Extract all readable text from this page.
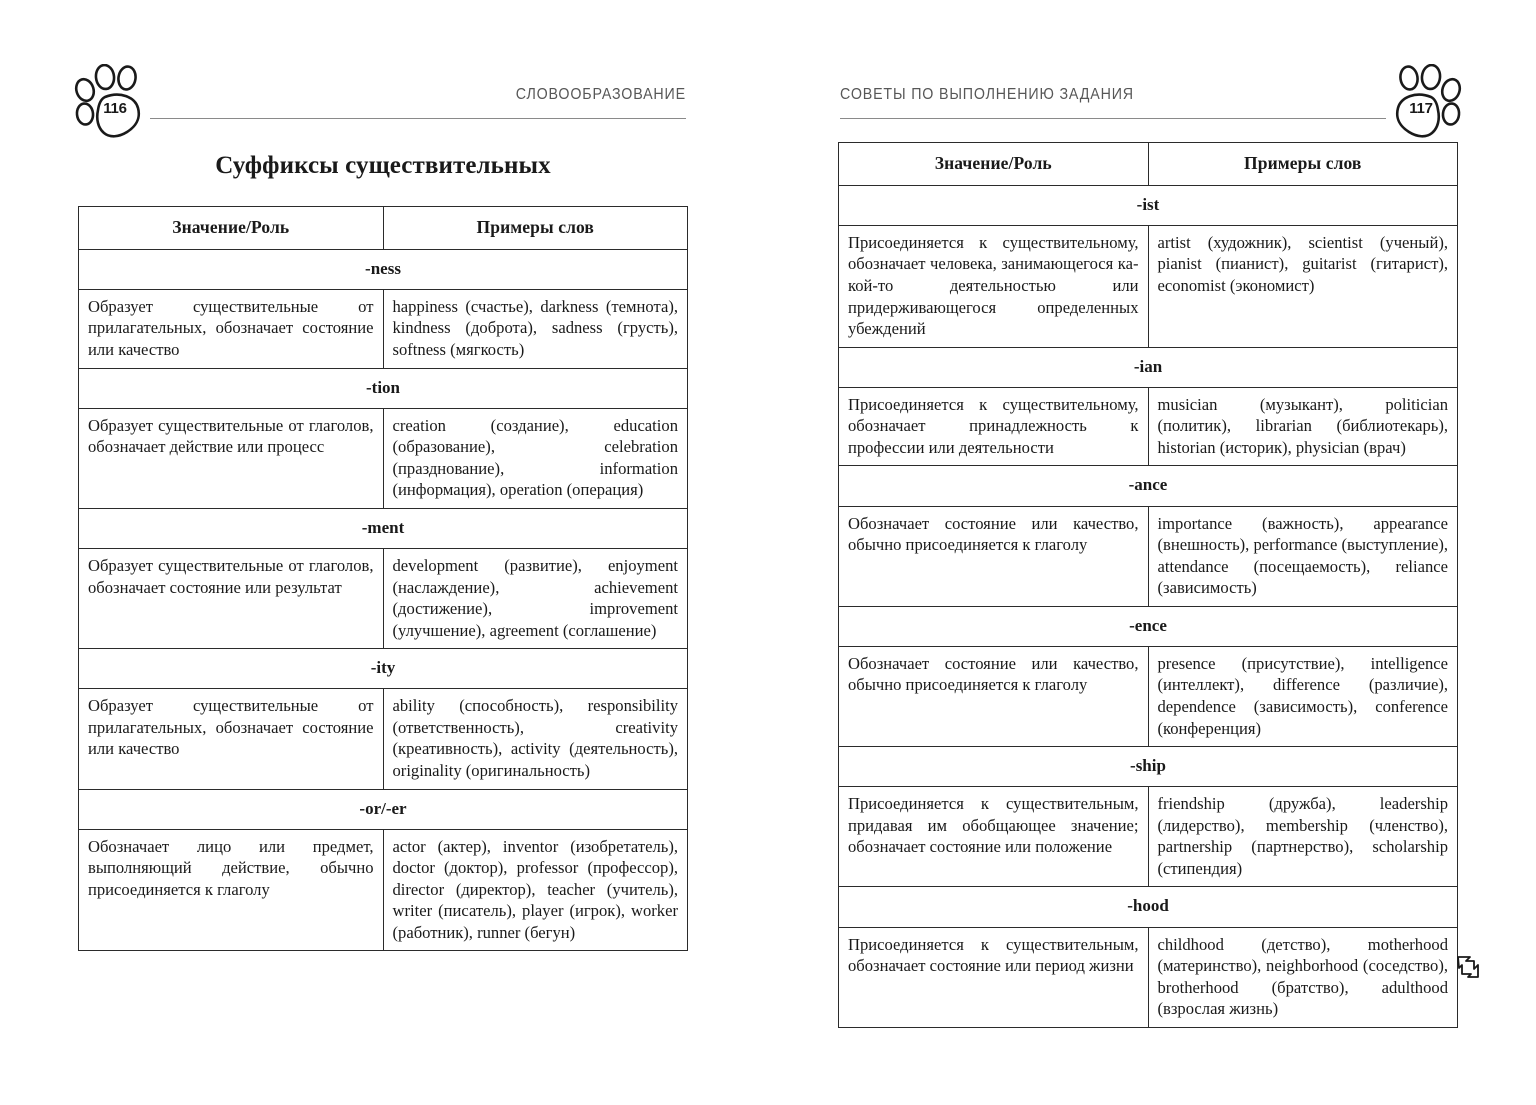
СЛОВООБРАЗОВАНИЕ
116
Суффиксы существительных
Значение/Роль	Примеры слов
-ness	
Образует существительные от прилагательных, обозначает состояние или качество	happiness (счастье), darkness (темнота), kindness (доброта), sadness (грусть), softness (мягкость)
-tion	
Образует существительные от глаголов, обозначает действие или процесс	creation (создание), education (образование), celebration (празднование), information (информация), operation (операция)
-ment	
Образует существительные от глаголов, обозначает состояние или результат	development (развитие), enjoyment (наслаждение), achievement (достижение), improvement (улучшение), agreement (соглашение)
-ity	
Образует существительные от прилагательных, обозначает состояние или качество	ability (способность), responsibility (ответственность), creativity (креативность), activity (деятельность), originality (оригинальность)
-or/-er	
Обозначает лицо или предмет, выполняющий действие, обычно присоединяется к глаголу	actor (актер), inventor (изобретатель), doctor (доктор), professor (профессор), director (директор), teacher (учитель), writer (писатель), player (игрок), worker (работник), runner (бегун)
СОВЕТЫ ПО ВЫПОЛНЕНИЮ ЗАДАНИЯ
117
Значение/Роль	Примеры слов
-ist	
Присоединяется к существительному, обозначает человека, занимающегося какой-то деятельностью или придерживающегося определенных убеждений	artist (художник), scientist (ученый), pianist (пианист), guitarist (гитарист), economist (экономист)
-ian	
Присоединяется к существительному, обозначает принадлежность к профессии или деятельности	musician (музыкант), politician (политик), librarian (библиотекарь), historian (историк), physician (врач)
-ance	
Обозначает состояние или качество, обычно присоединяется к глаголу	importance (важность), appearance (внешность), performance (выступление), attendance (посещаемость), reliance (зависимость)
-ence	
Обозначает состояние или качество, обычно присоединяется к глаголу	presence (присутствие), intelligence (интеллект), difference (различие), dependence (зависимость), conference (конференция)
-ship	
Присоединяется к существительным, придавая им обобщающее значение; обозначает состояние или положение	friendship (дружба), leadership (лидерство), membership (членство), partnership (партнерство), scholarship (стипендия)
-hood	
Присоединяется к существительным, обозначает состояние или период жизни	childhood (детство), motherhood (материнство), neighborhood (соседство), brotherhood (братство), adulthood (взрослая жизнь)
